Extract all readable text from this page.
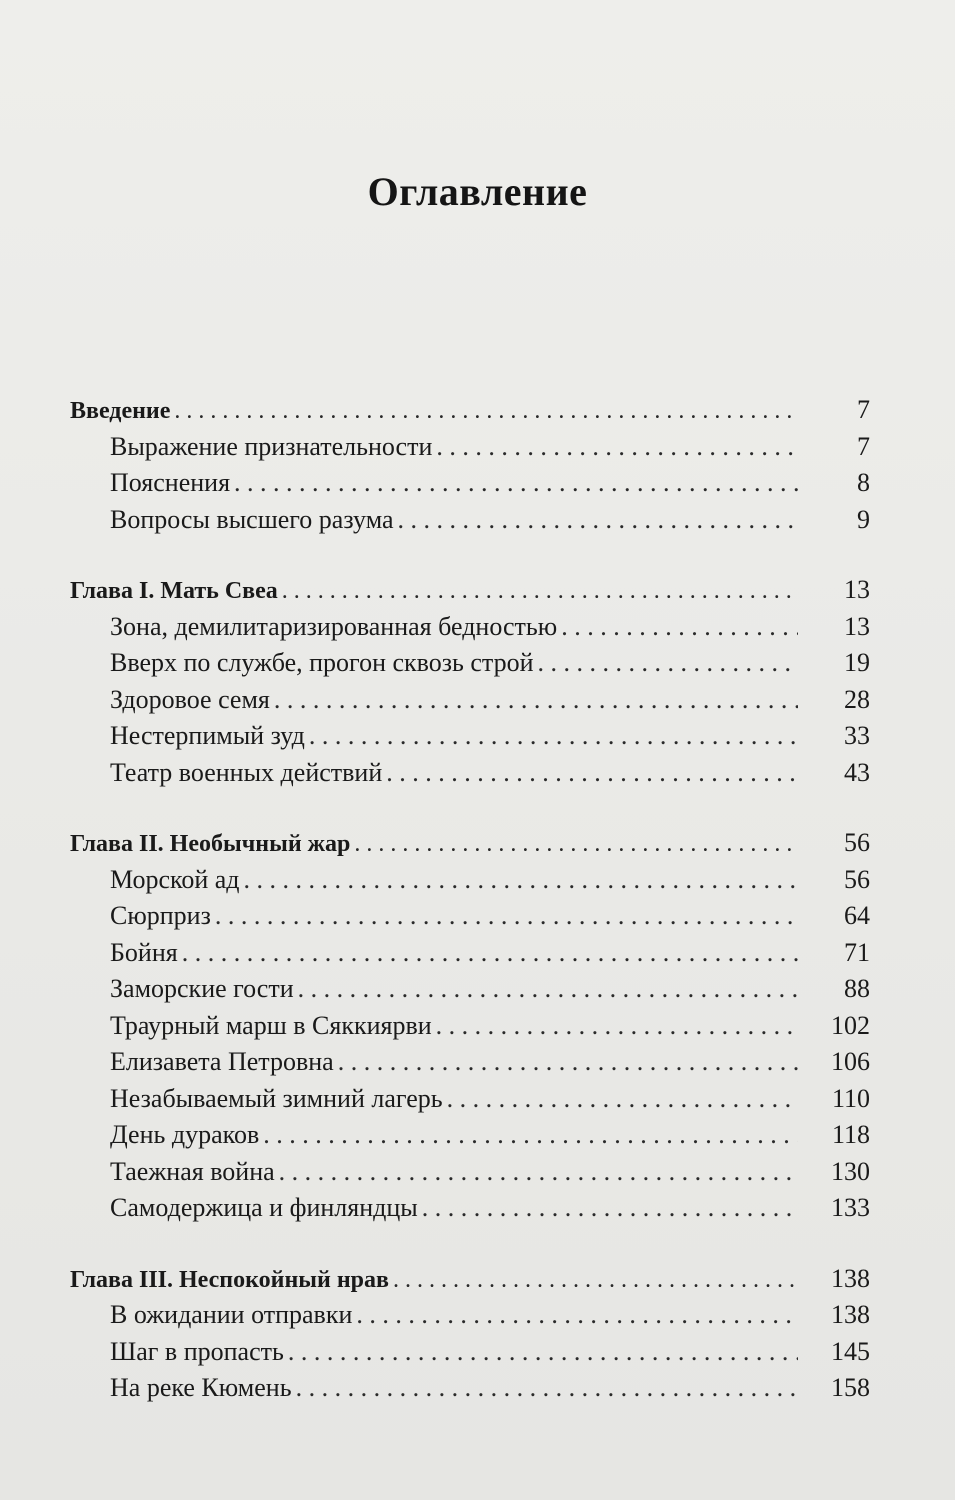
Оглавление
Введение . . .	7
Выражение признательности . . .	7
Пояснения . . .	8
Вопросы высшего разума . . .	9
Глава I. Мать Свеа . . .	13
Зона, демилитаризированная бедностью . . .	13
Вверх по службе, прогон сквозь строй . . .	19
Здоровое семя . . .	28
Нестерпимый зуд . . .	33
Театр военных действий . . .	43
Глава II. Необычный жар . . .	56
Морской ад . . .	56
Сюрприз . . .	64
Бойня . . .	71
Заморские гости . . .	88
Траурный марш в Сяккиярви . . .	102
Елизавета Петровна . . .	106
Незабываемый зимний лагерь . . .	110
День дураков . . .	118
Таежная война . . .	130
Самодержица и финляндцы . . .	133
Глава III. Неспокойный нрав . . .	138
В ожидании отправки . . .	138
Шаг в пропасть . . .	145
На реке Кюмень . . .	158
